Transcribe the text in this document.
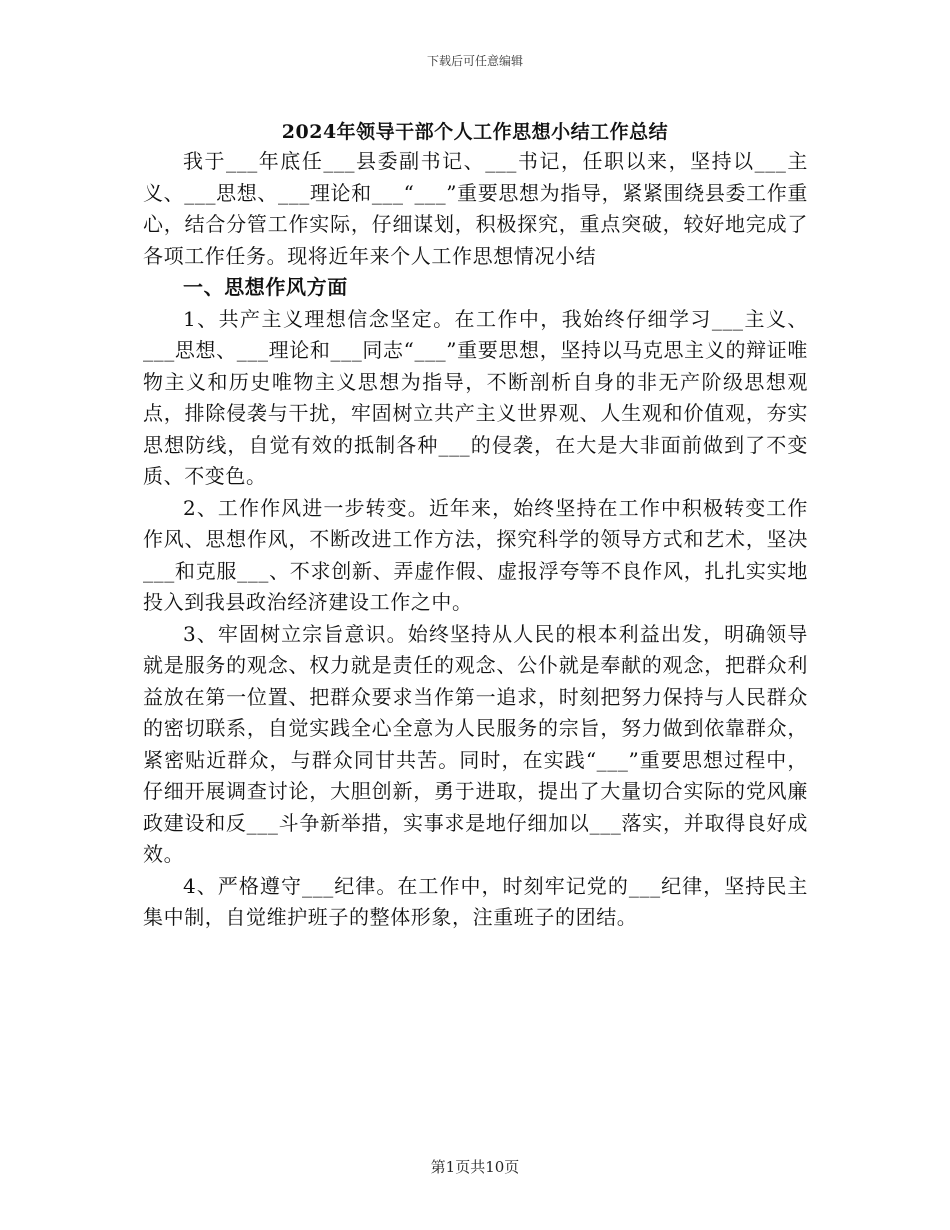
下载后可任意编辑
2024年领导干部个人工作思想小结工作总结

我于___年底任___县委副书记、___书记，任职以来，坚持以___主义、___思想、___理论和___“___”重要思想为指导，紧紧围绕县委工作重心，结合分管工作实际，仔细谋划，积极探究，重点突破，较好地完成了各项工作任务。现将近年来个人工作思想情况小结

一、思想作风方面

1、共产主义理想信念坚定。在工作中，我始终仔细学习___主义、___思想、___理论和___同志“___”重要思想，坚持以马克思主义的辩证唯物主义和历史唯物主义思想为指导，不断剖析自身的非无产阶级思想观点，排除侵袭与干扰，牢固树立共产主义世界观、人生观和价值观，夯实思想防线，自觉有效的抵制各种___的侵袭，在大是大非面前做到了不变质、不变色。

2、工作作风进一步转变。近年来，始终坚持在工作中积极转变工作作风、思想作风，不断改进工作方法，探究科学的领导方式和艺术，坚决___和克服___、不求创新、弄虚作假、虚报浮夸等不良作风，扎扎实实地投入到我县政治经济建设工作之中。

3、牢固树立宗旨意识。始终坚持从人民的根本利益出发，明确领导就是服务的观念、权力就是责任的观念、公仆就是奉献的观念，把群众利益放在第一位置、把群众要求当作第一追求，时刻把努力保持与人民群众的密切联系，自觉实践全心全意为人民服务的宗旨，努力做到依靠群众，紧密贴近群众，与群众同甘共苦。同时，在实践“___”重要思想过程中，仔细开展调查讨论，大胆创新，勇于进取，提出了大量切合实际的党风廉政建设和反___斗争新举措，实事求是地仔细加以___落实，并取得良好成效。

4、严格遵守___纪律。在工作中，时刻牢记党的___纪律，坚持民主集中制，自觉维护班子的整体形象，注重班子的团结。

第1页共10页
